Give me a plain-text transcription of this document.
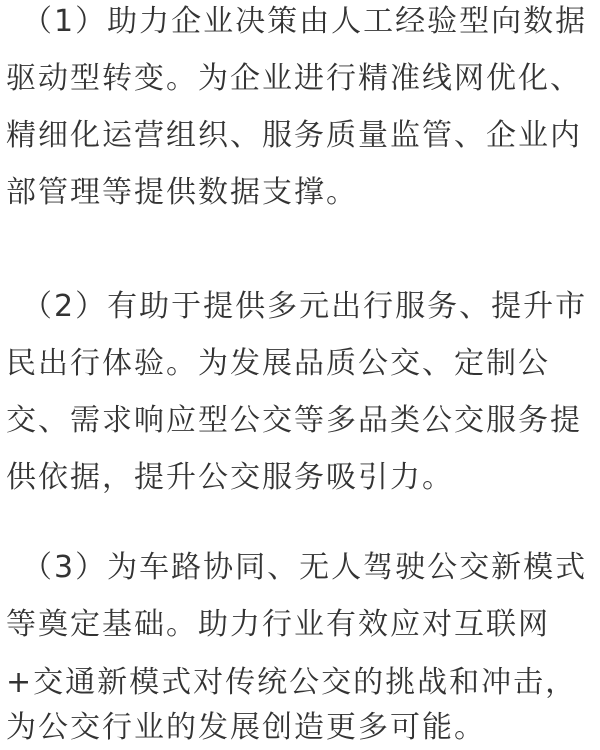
（1）助力企业决策由人工经验型向数据
驱动型转变。为企业进行精准线网优化、
精细化运营组织、服务质量监管、企业内
部管理等提供数据支撑。
（2）有助于提供多元出行服务、提升市
民出行体验。为发展品质公交、定制公
交、需求响应型公交等多品类公交服务提
供依据，提升公交服务吸引力。
（3）为车路协同、无人驾驶公交新模式
等奠定基础。助力行业有效应对互联网
+交通新模式对传统公交的挑战和冲击，
为公交行业的发展创造更多可能。
